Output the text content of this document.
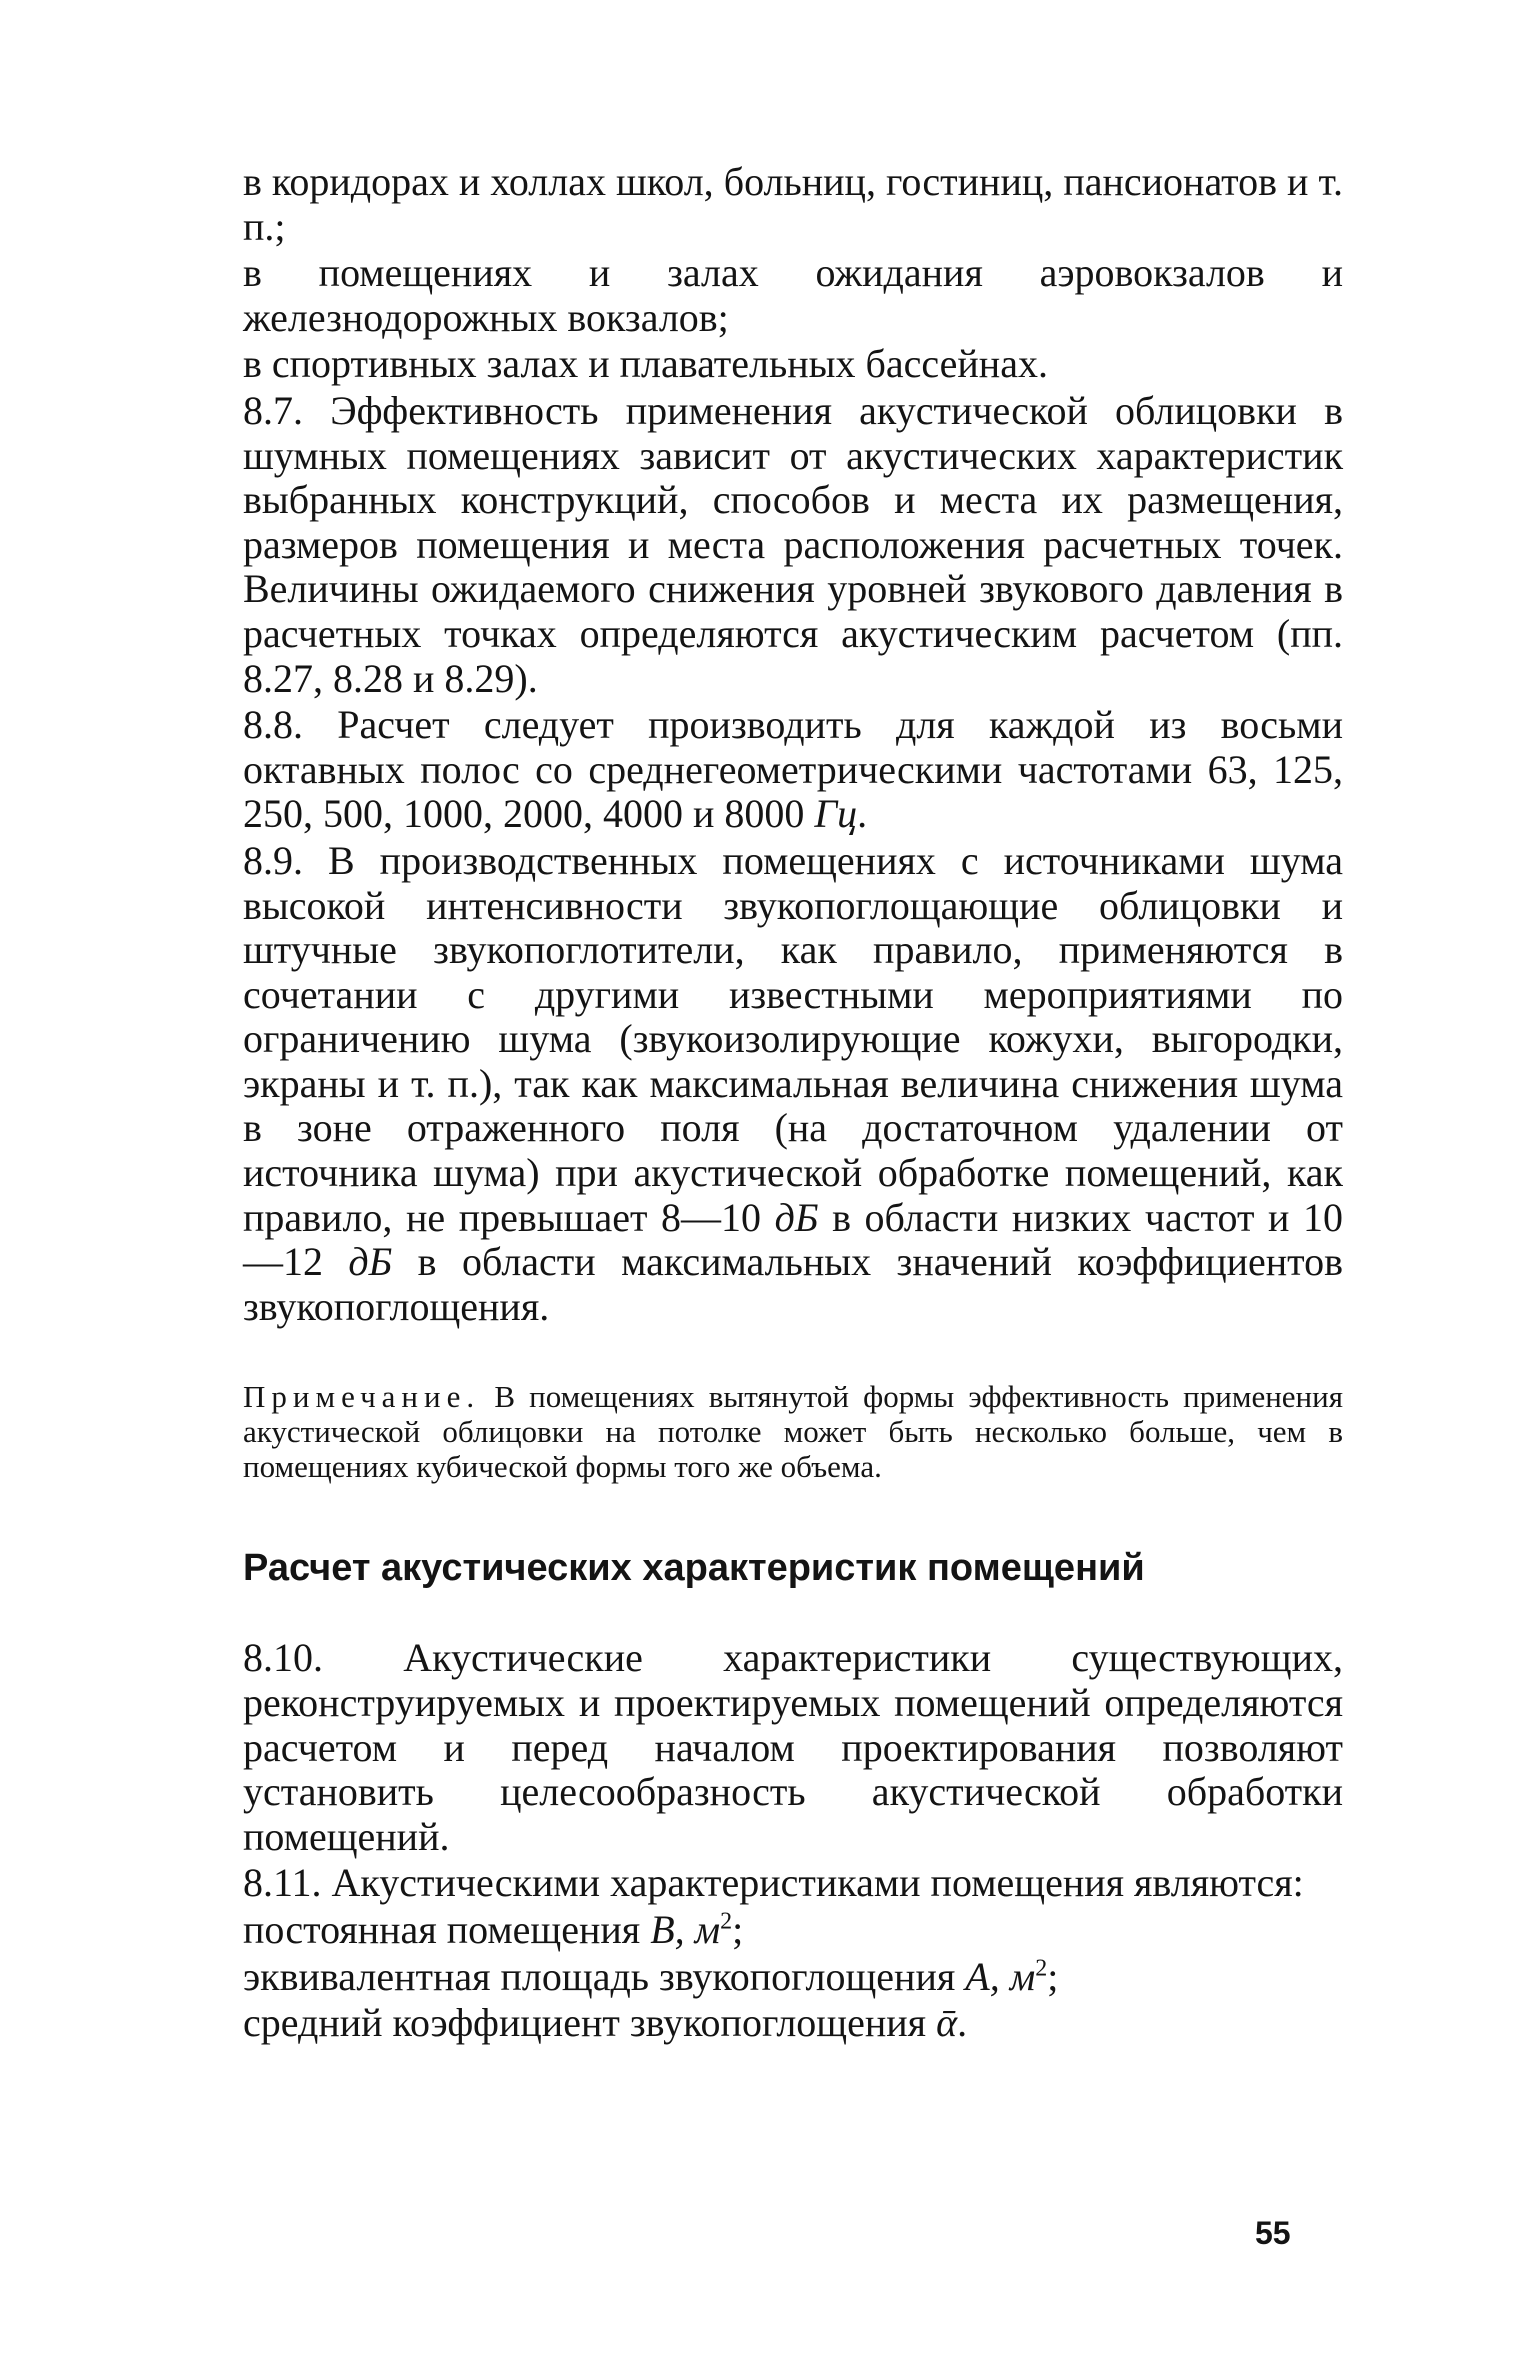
в коридорах и холлах школ, больниц, гостиниц, пансионатов и т. п.;

в помещениях и залах ожидания аэровокзалов и железнодорожных вокзалов;

в спортивных залах и плавательных бассейнах.

8.7. Эффективность применения акустической облицовки в шумных помещениях зависит от акустических характеристик выбранных конструкций, способов и места их размещения, размеров помещения и места расположения расчетных точек. Величины ожидаемого снижения уровней звукового давления в расчетных точках определяются акустическим расчетом (пп. 8.27, 8.28 и 8.29).

8.8. Расчет следует производить для каждой из восьми октавных полос со среднегеометрическими частотами 63, 125, 250, 500, 1000, 2000, 4000 и 8000 Гц.

8.9. В производственных помещениях с источниками шума высокой интенсивности звукопоглощающие облицовки и штучные звукопоглотители, как правило, применяются в сочетании с другими известными мероприятиями по ограничению шума (звукоизолирующие кожухи, выгородки, экраны и т. п.), так как максимальная величина снижения шума в зоне отраженного поля (на достаточном удалении от источника шума) при акустической обработке помещений, как правило, не превышает 8—10 дБ в области низких частот и 10—12 дБ в области максимальных значений коэффициентов звукопоглощения.

Примечание. В помещениях вытянутой формы эффективность применения акустической облицовки на потолке может быть несколько больше, чем в помещениях кубической формы того же объема.

Расчет акустических характеристик помещений

8.10. Акустические характеристики существующих, реконструируемых и проектируемых помещений определяются расчетом и перед началом проектирования позволяют установить целесообразность акустической обработки помещений.

8.11. Акустическими характеристиками помещения являются:

постоянная помещения B, $м^2$;

эквивалентная площадь звукопоглощения A, $м^2$;

средний коэффициент звукопоглощения ᾱ.

55
